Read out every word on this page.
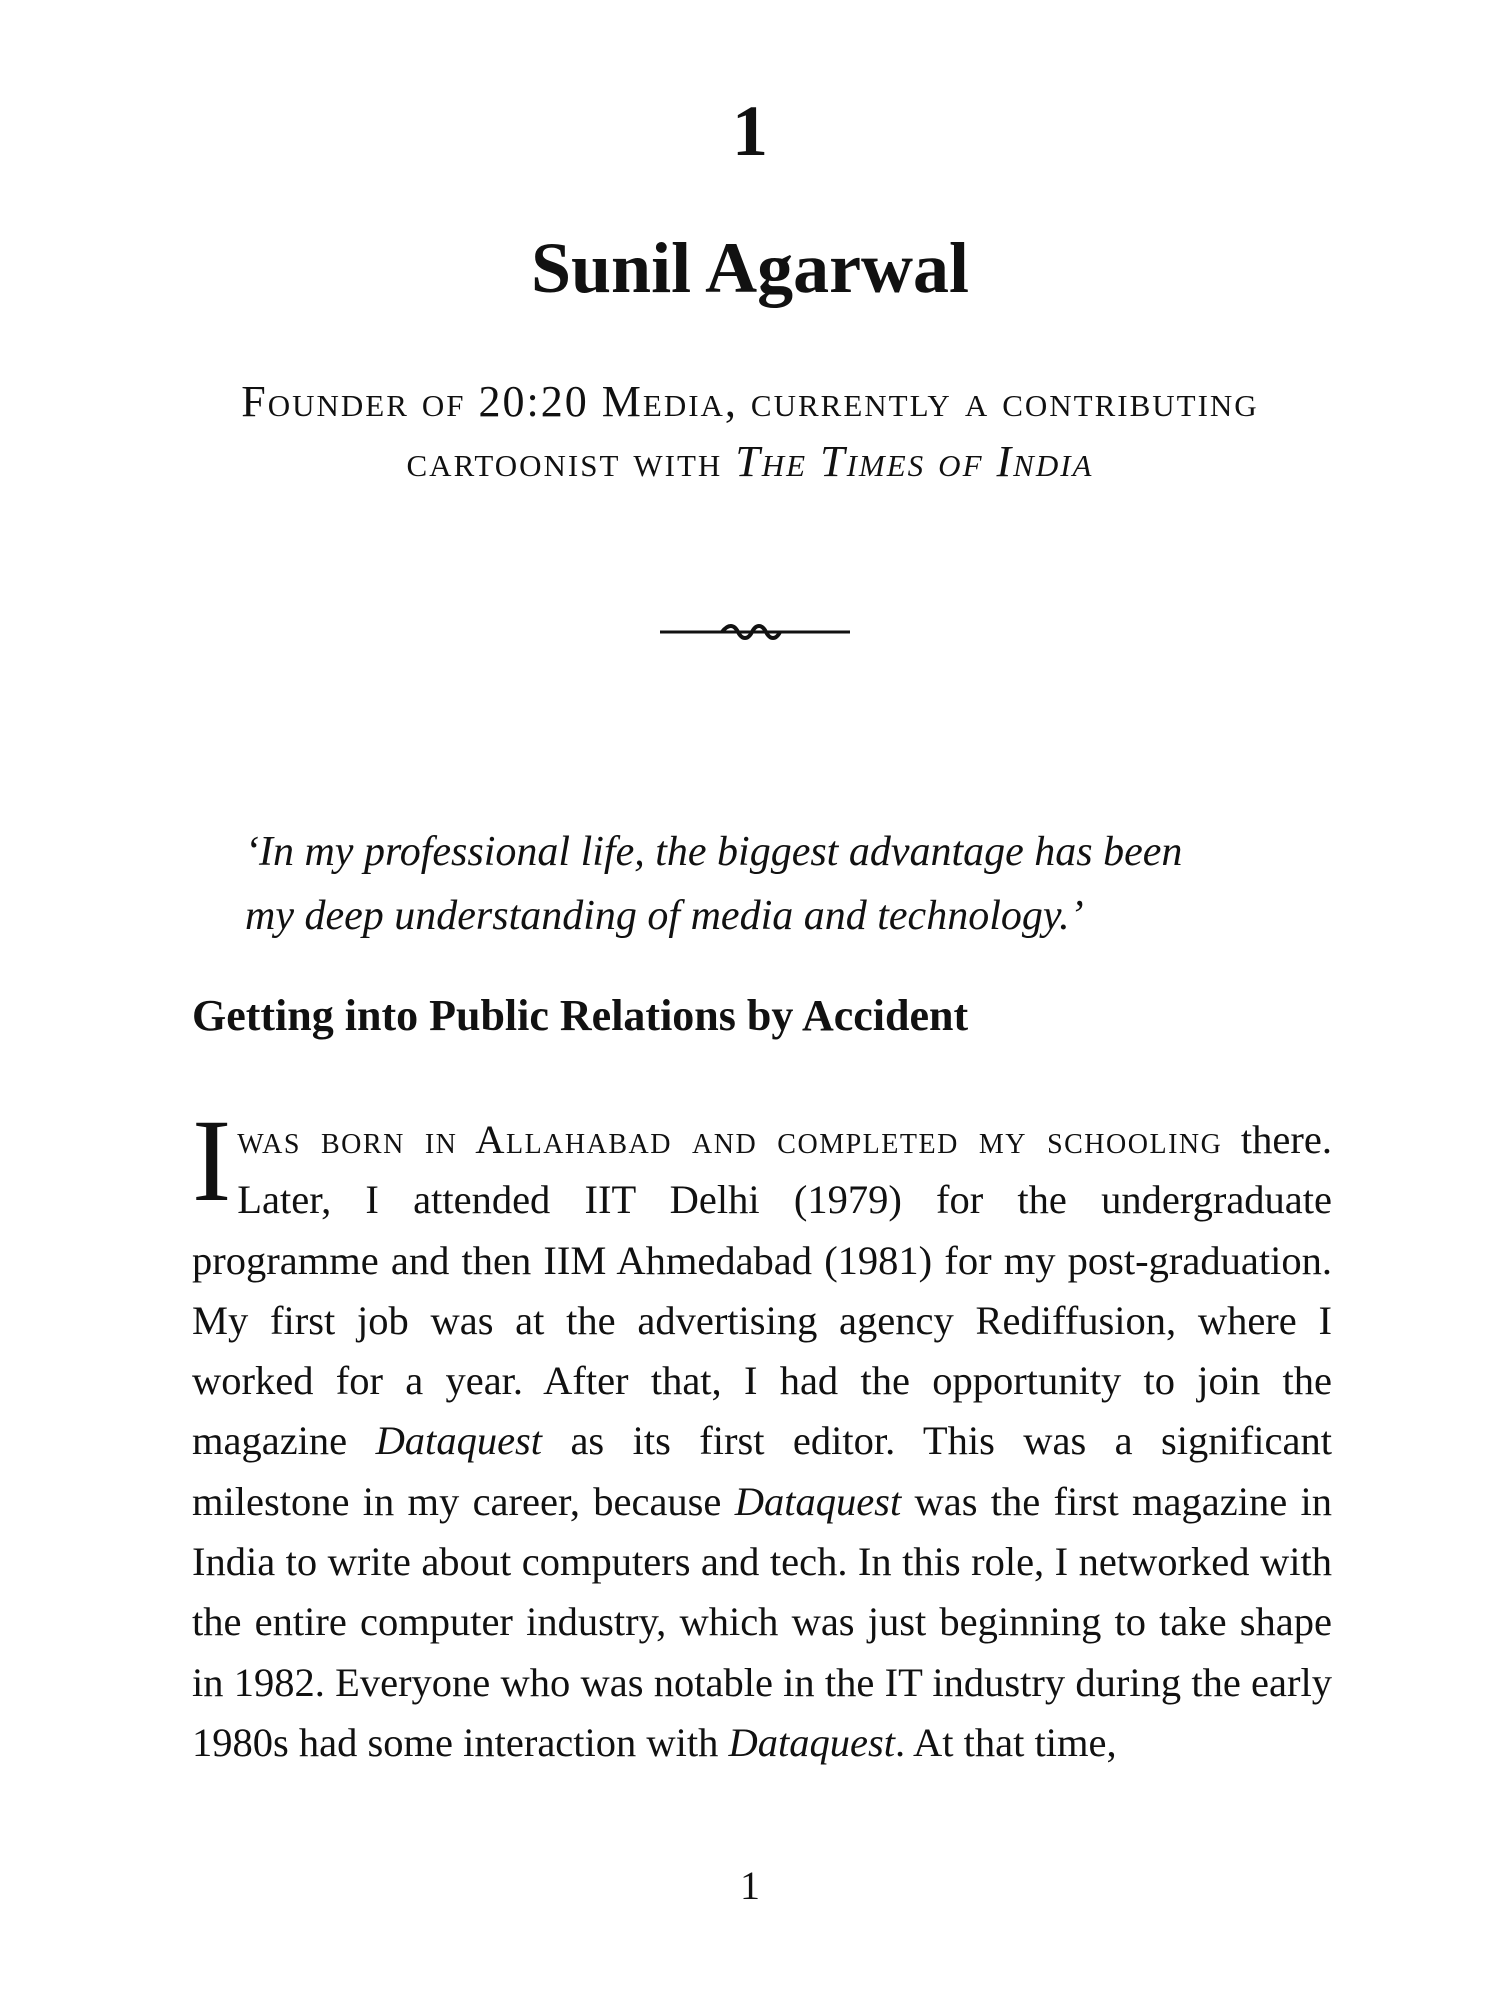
1
Sunil Agarwal
Founder of 20:20 Media, currently a contributing cartoonist with The Times of India
‘In my professional life, the biggest advantage has been
my deep understanding of media and technology.’
Getting into Public Relations by Accident
Iwas born in Allahabad and completed my schooling there. Later, I attended IIT Delhi (1979) for the undergraduate programme and then IIM Ahmedabad (1981) for my post-graduation. My first job was at the advertising agency Rediffusion, where I worked for a year. After that, I had the opportunity to join the magazine Dataquest as its first editor. This was a significant milestone in my career, because Dataquest was the first magazine in India to write about computers and tech. In this role, I networked with the entire computer industry, which was just beginning to take shape in 1982. Everyone who was notable in the IT industry during the early 1980s had some interaction with Dataquest. At that time,
1
